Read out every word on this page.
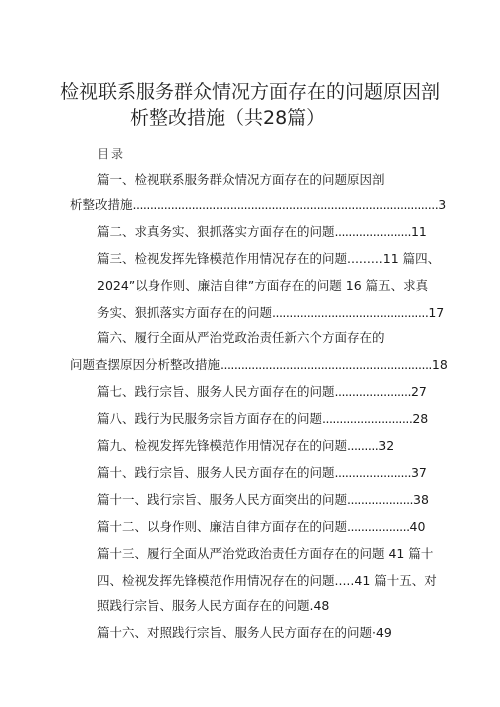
检视联系服务群众情况方面存在的问题原因剖
析整改措施（共28篇）
目录
篇一、检视联系服务群众情况方面存在的问题原因剖
析整改措施........................................................................................3
篇二、求真务实、狠抓落实方面存在的问题......................11
篇三、检视发挥先锋模范作用情况存在的问题.........11 篇四、
2024”以身作则、廉洁自律”方面存在的问题 16 篇五、求真
务实、狠抓落实方面存在的问题.............................................17
篇六、履行全面从严治党政治责任新六个方面存在的
问题查摆原因分析整改措施.............................................................18
篇七、践行宗旨、服务人民方面存在的问题......................27
篇八、践行为民服务宗旨方面存在的问题..........................28
篇九、检视发挥先锋模范作用情况存在的问题.........32
篇十、践行宗旨、服务人民方面存在的问题......................37
篇十一、践行宗旨、服务人民方面突出的问题...................38
篇十二、以身作则、廉洁自律方面存在的问题..................40
篇十三、履行全面从严治党政治责任方面存在的问题 41 篇十
四、检视发挥先锋模范作用情况存在的问题.....41 篇十五、对
照践行宗旨、服务人民方面存在的问题.48
篇十六、对照践行宗旨、服务人民方面存在的问题·49
